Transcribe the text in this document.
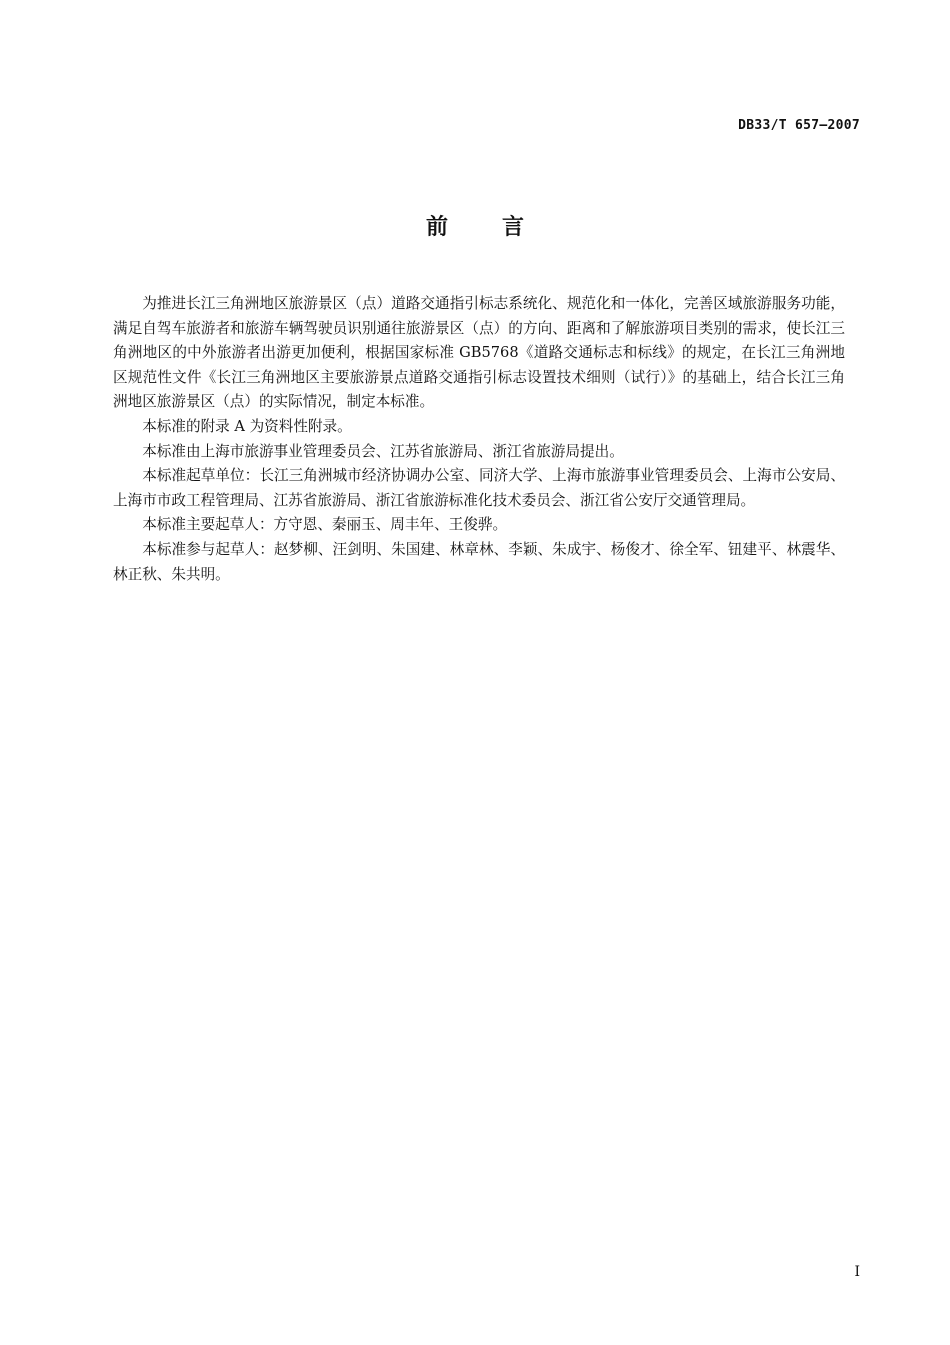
DB33/T 657—2007
前言

为推进长江三角洲地区旅游景区（点）道路交通指引标志系统化、规范化和一体化，完善区域旅游服务功能，满足自驾车旅游者和旅游车辆驾驶员识别通往旅游景区（点）的方向、距离和了解旅游项目类别的需求，使长江三角洲地区的中外旅游者出游更加便利，根据国家标准 GB5768《道路交通标志和标线》的规定，在长江三角洲地区规范性文件《长江三角洲地区主要旅游景点道路交通指引标志设置技术细则（试行）》的基础上，结合长江三角洲地区旅游景区（点）的实际情况，制定本标准。

本标准的附录 A 为资料性附录。

本标准由上海市旅游事业管理委员会、江苏省旅游局、浙江省旅游局提出。

本标准起草单位：长江三角洲城市经济协调办公室、同济大学、上海市旅游事业管理委员会、上海市公安局、上海市市政工程管理局、江苏省旅游局、浙江省旅游标准化技术委员会、浙江省公安厅交通管理局。

本标准主要起草人：方守恩、秦丽玉、周丰年、王俊骅。

本标准参与起草人：赵梦柳、汪剑明、朱国建、林章林、李颖、朱成宇、杨俊才、徐全军、钮建平、林震华、林正秋、朱共明。

I
